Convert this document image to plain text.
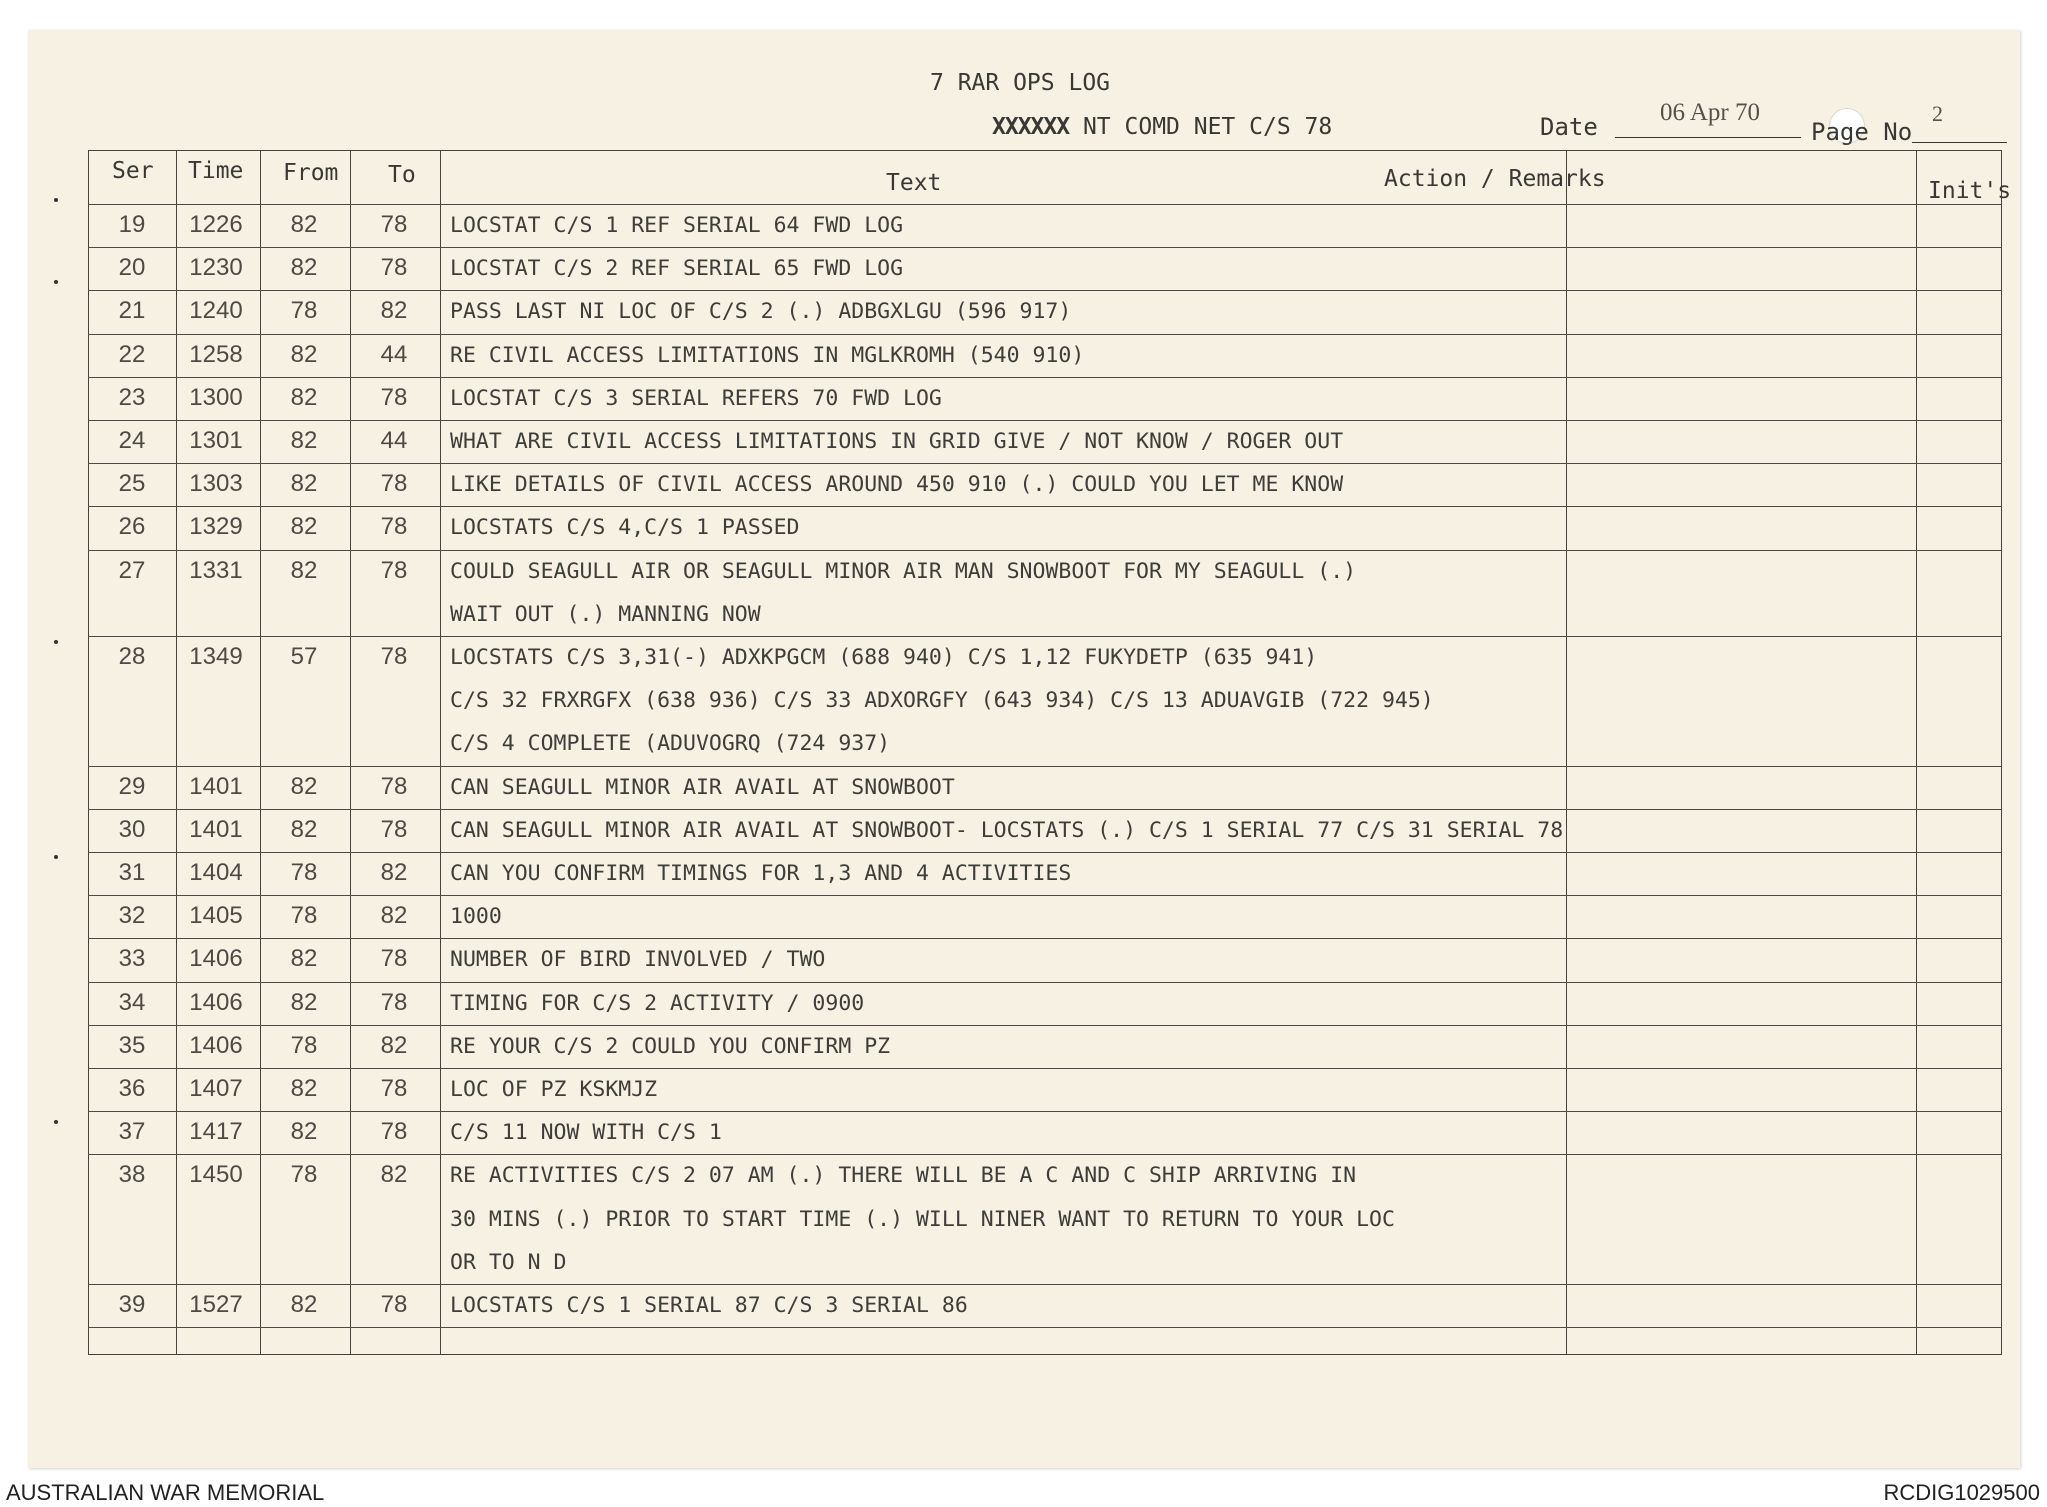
7 RAR OPS LOG
XXXXXX NT COMD NET C/S 78	Date
06 Apr 70
Page No
2
Ser Time From To	Text	Action / Remarks	Init's
19	1226	82	78	LOCSTAT C/S 1 REF SERIAL 64 FWD LOG
20	1230	82	78	LOCSTAT C/S 2 REF SERIAL 65 FWD LOG
21	1240	78	82	PASS LAST NI LOC OF C/S 2 (.) ADBGXLGU (596 917)
22	1258	82	44	RE CIVIL ACCESS LIMITATIONS IN MGLKROMH (540 910)
23	1300	82	78	LOCSTAT C/S 3 SERIAL REFERS 70 FWD LOG
24	1301	82	44	WHAT ARE CIVIL ACCESS LIMITATIONS IN GRID GIVE / NOT KNOW / ROGER OUT
25	1303	82	78	LIKE DETAILS OF CIVIL ACCESS AROUND 450 910 (.) COULD YOU LET ME KNOW
26	1329	82	78	LOCSTATS C/S 4,C/S 1 PASSED
27	1331	82	78	COULD SEAGULL AIR OR SEAGULL MINOR AIR MAN SNOWBOOT FOR MY SEAGULL (.)
WAIT OUT (.) MANNING NOW
28	1349	57	78	LOCSTATS C/S 3,31(-) ADXKPGCM (688 940) C/S 1,12 FUKYDETP (635 941)
C/S 32 FRXRGFX (638 936) C/S 33 ADXORGFY (643 934) C/S 13 ADUAVGIB (722 945)
C/S 4 COMPLETE (ADUVOGRQ (724 937)
29	1401	82	78	CAN SEAGULL MINOR AIR AVAIL AT SNOWBOOT
30	1401	82	78	CAN SEAGULL MINOR AIR AVAIL AT SNOWBOOT- LOCSTATS (.) C/S 1 SERIAL 77 C/S 31 SERIAL 78
31	1404	78	82	CAN YOU CONFIRM TIMINGS FOR 1,3 AND 4 ACTIVITIES
32	1405	78	82	1000
33	1406	82	78	NUMBER OF BIRD INVOLVED / TWO
34	1406	82	78	TIMING FOR C/S 2 ACTIVITY / 0900
35	1406	78	82	RE YOUR C/S 2 COULD YOU CONFIRM PZ
36	1407	82	78	LOC OF PZ KSKMJZ
37	1417	82	78	C/S 11 NOW WITH C/S 1
38	1450	78	82	RE ACTIVITIES C/S 2 07 AM (.) THERE WILL BE A C AND C SHIP ARRIVING IN
30 MINS (.) PRIOR TO START TIME (.) WILL NINER WANT TO RETURN TO YOUR LOC
OR TO N D
39	1527	82	78	LOCSTATS C/S 1 SERIAL 87 C/S 3 SERIAL 86
AUSTRALIAN WAR MEMORIAL	RCDIG1029500
